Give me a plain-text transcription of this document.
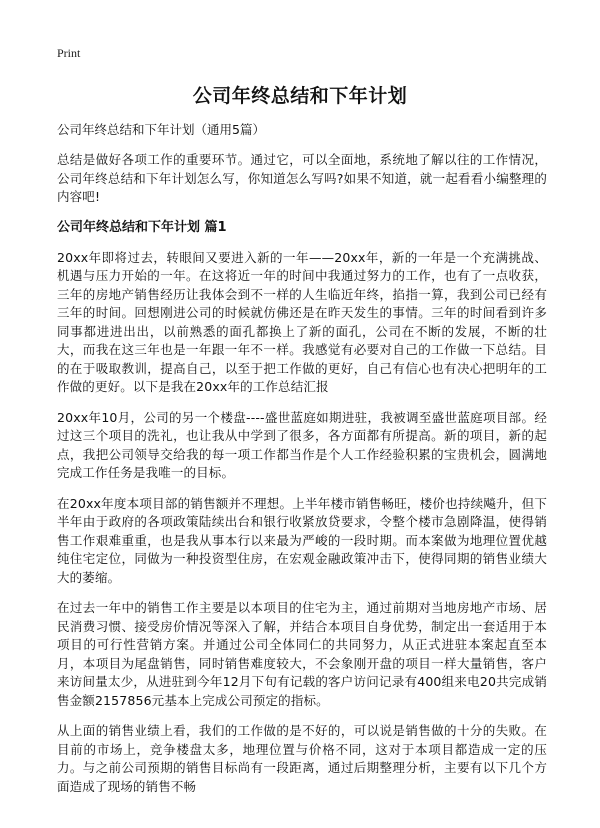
Print
公司年终总结和下年计划
公司年终总结和下年计划（通用5篇）

总结是做好各项工作的重要环节。通过它，可以全面地，系统地了解以往的工作情况，公司年终总结和下年计划怎么写，你知道怎么写吗?如果不知道，就一起看看小编整理的内容吧!

公司年终总结和下年计划 篇1

20xx年即将过去，转眼间又要进入新的一年——20xx年，新的一年是一个充满挑战、机遇与压力开始的一年。在这将近一年的时间中我通过努力的工作，也有了一点收获，三年的房地产销售经历让我体会到不一样的人生临近年终，掐指一算，我到公司已经有三年的时间。回想刚进公司的时候就仿佛还是在昨天发生的事情。三年的时间看到许多同事都进进出出，以前熟悉的面孔都换上了新的面孔，公司在不断的发展，不断的壮大，而我在这三年也是一年跟一年不一样。我感觉有必要对自己的工作做一下总结。目的在于吸取教训，提高自己，以至于把工作做的更好，自己有信心也有决心把明年的工作做的更好。以下是我在20xx年的工作总结汇报

20xx年10月，公司的另一个楼盘----盛世蓝庭如期进驻，我被调至盛世蓝庭项目部。经过这三个项目的洗礼，也让我从中学到了很多，各方面都有所提高。新的项目，新的起点，我把公司领导交给我的每一项工作都当作是个人工作经验积累的宝贵机会，圆满地完成工作任务是我唯一的目标。

在20xx年度本项目部的销售额并不理想。上半年楼市销售畅旺，楼价也持续飚升，但下半年由于政府的各项政策陆续出台和银行收紧放贷要求，令整个楼市急剧降温，使得销售工作艰难重重，也是我从事本行以来最为严峻的一段时期。而本案做为地理位置优越纯住宅定位，同做为一种投资型住房，在宏观金融政策冲击下，使得同期的销售业绩大大的萎缩。

在过去一年中的销售工作主要是以本项目的住宅为主，通过前期对当地房地产市场、居民消费习惯、接受房价情况等深入了解，并结合本项目自身优势，制定出一套适用于本项目的可行性营销方案。并通过公司全体同仁的共同努力，从正式进驻本案起直至本月，本项目为尾盘销售，同时销售难度较大，不会象刚开盘的项目一样大量销售，客户来访间量太少，从进驻到今年12月下旬有记载的客户访问记录有400组来电20共完成销售金额2157856元基本上完成公司预定的指标。

从上面的销售业绩上看，我们的工作做的是不好的，可以说是销售做的十分的失败。在目前的市场上，竞争楼盘太多，地理位置与价格不同，这对于本项目都造成一定的压力。与之前公司预期的销售目标尚有一段距离，通过后期整理分析，主要有以下几个方面造成了现场的销售不畅
